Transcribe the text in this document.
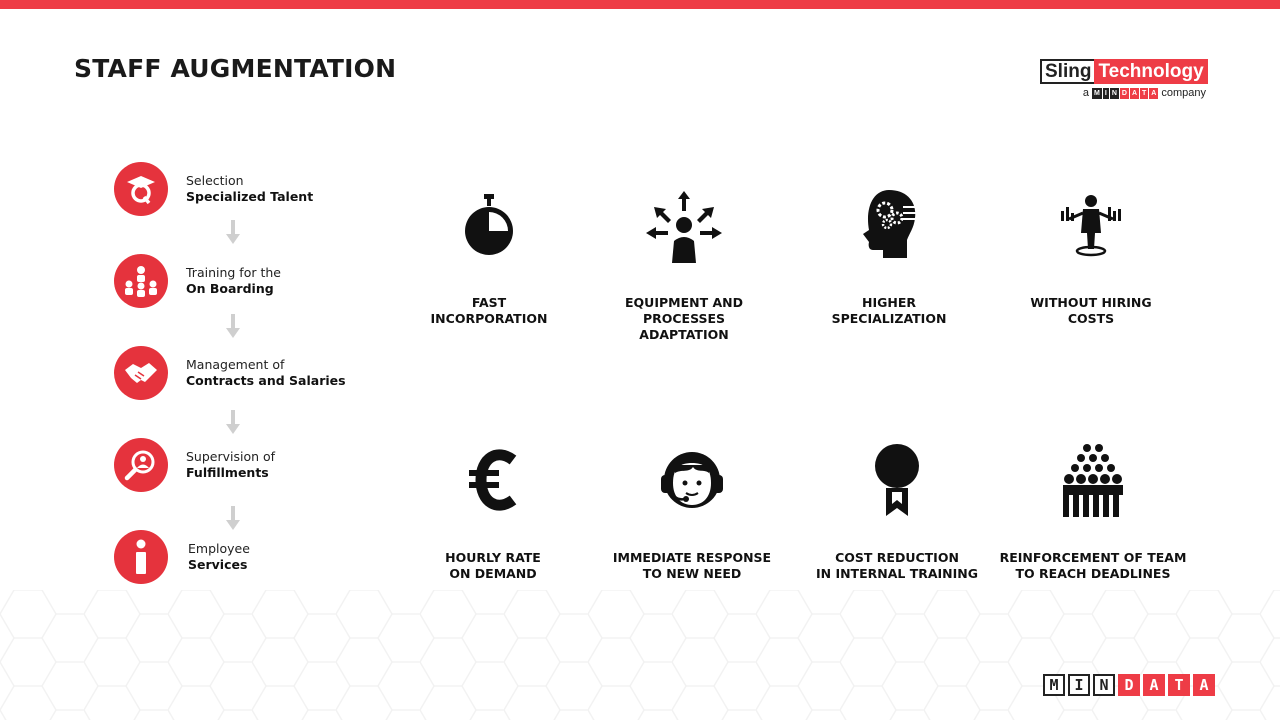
STAFF AUGMENTATION	Sling Technology
a M I N D A T A company
Selection
Specialized Talent
Training for the
On Boarding
Management of
Contracts and Salaries
Supervision of
Fulfillments
Employee
Services
FAST
INCORPORATION
EQUIPMENT AND
PROCESSES
ADAPTATION
HIGHER
SPECIALIZATION
WITHOUT HIRING
COSTS
HOURLY RATE
ON DEMAND
IMMEDIATE RESPONSE
TO NEW NEED
COST REDUCTION
IN INTERNAL TRAINING
REINFORCEMENT OF TEAM
TO REACH DEADLINES
M	I	N	D	A	T	A
